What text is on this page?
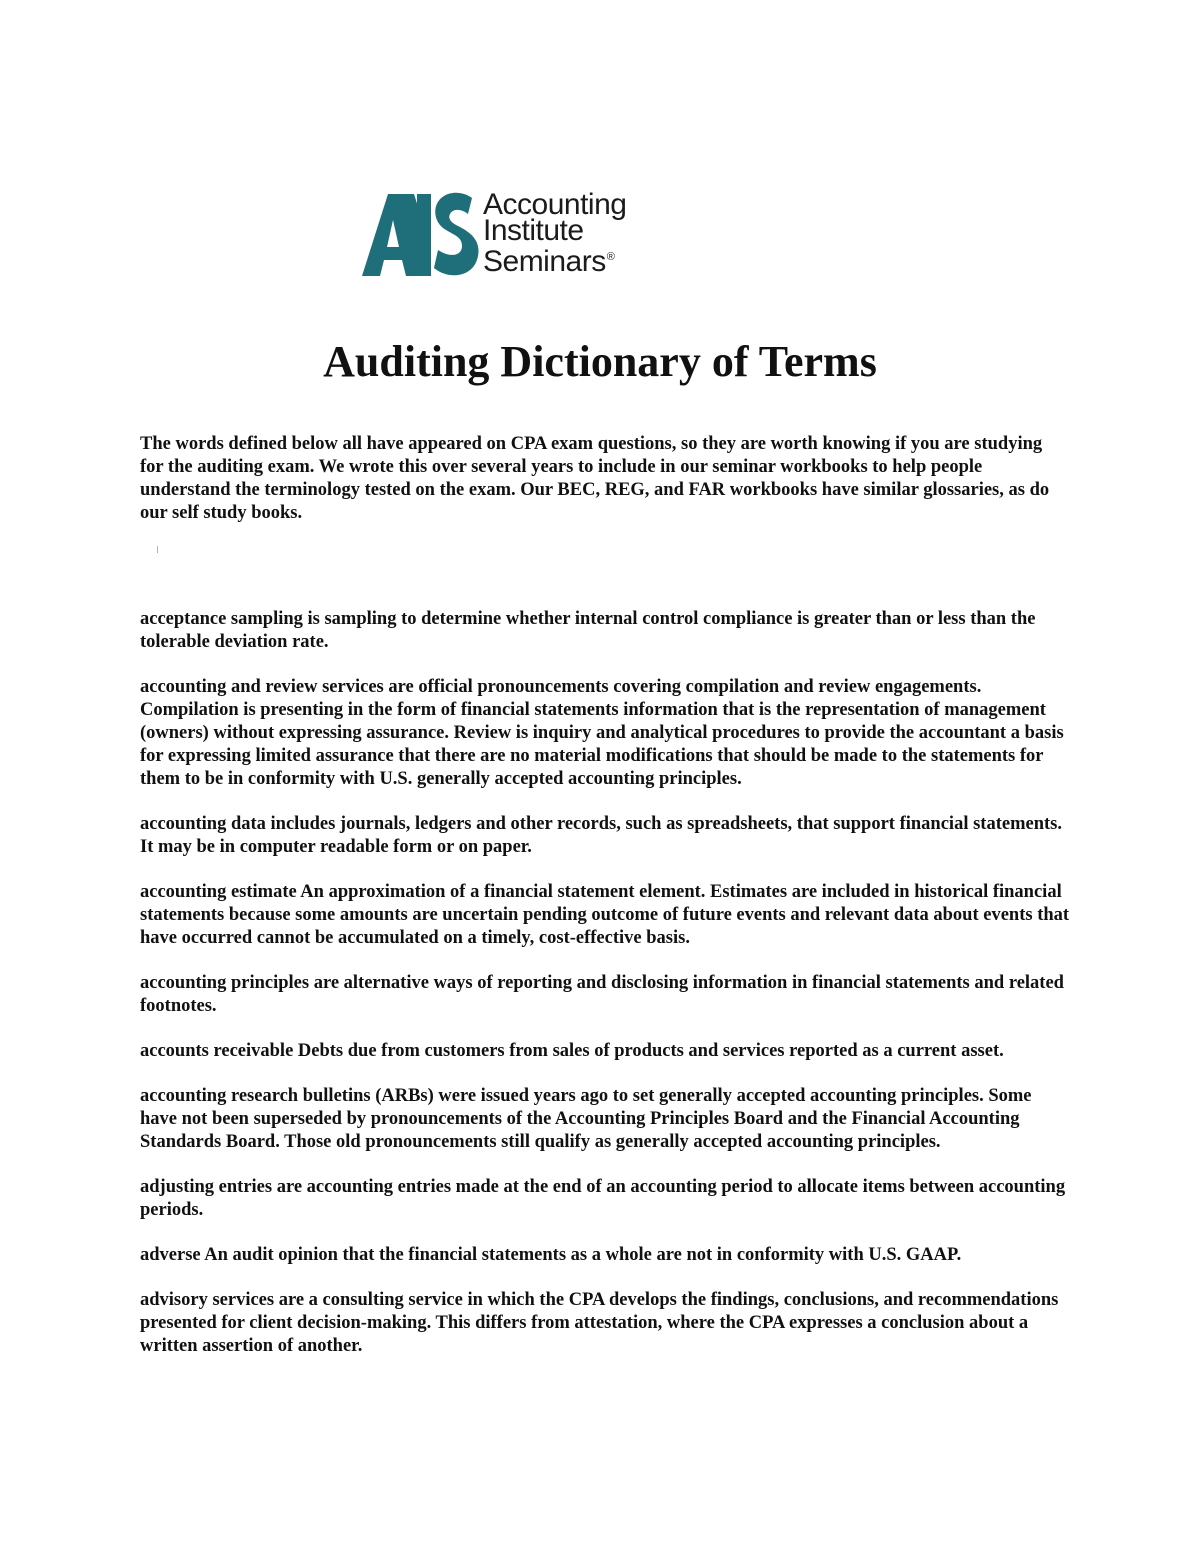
Accounting
Institute
Seminars®
Auditing Dictionary of Terms

The words defined below all have appeared on CPA exam questions, so they are worth knowing if you are studying for the auditing exam. We wrote this over several years to include in our seminar workbooks to help people understand the terminology tested on the exam. Our BEC, REG, and FAR workbooks have similar glossaries, as do our self study books.

acceptance sampling is sampling to determine whether internal control compliance is greater than or less than the tolerable deviation rate.
accounting and review services are official pronouncements covering compilation and review engagements. Compilation is presenting in the form of financial statements information that is the representation of management (owners) without expressing assurance. Review is inquiry and analytical procedures to provide the accountant a basis for expressing limited assurance that there are no material modifications that should be made to the statements for them to be in conformity with U.S. generally accepted accounting principles.
accounting data includes journals, ledgers and other records, such as spreadsheets, that support financial statements. It may be in computer readable form or on paper.
accounting estimate An approximation of a financial statement element. Estimates are included in historical financial statements because some amounts are uncertain pending outcome of future events and relevant data about events that have occurred cannot be accumulated on a timely, cost-effective basis.
accounting principles are alternative ways of reporting and disclosing information in financial statements and related footnotes.
accounts receivable Debts due from customers from sales of products and services reported as a current asset.
accounting research bulletins (ARBs) were issued years ago to set generally accepted accounting principles. Some have not been superseded by pronouncements of the Accounting Principles Board and the Financial Accounting Standards Board. Those old pronouncements still qualify as generally accepted accounting principles.
adjusting entries are accounting entries made at the end of an accounting period to allocate items between accounting periods.
adverse An audit opinion that the financial statements as a whole are not in conformity with U.S. GAAP.
advisory services are a consulting service in which the CPA develops the findings, conclusions, and recommendations presented for client decision-making. This differs from attestation, where the CPA expresses a conclusion about a written assertion of another.
